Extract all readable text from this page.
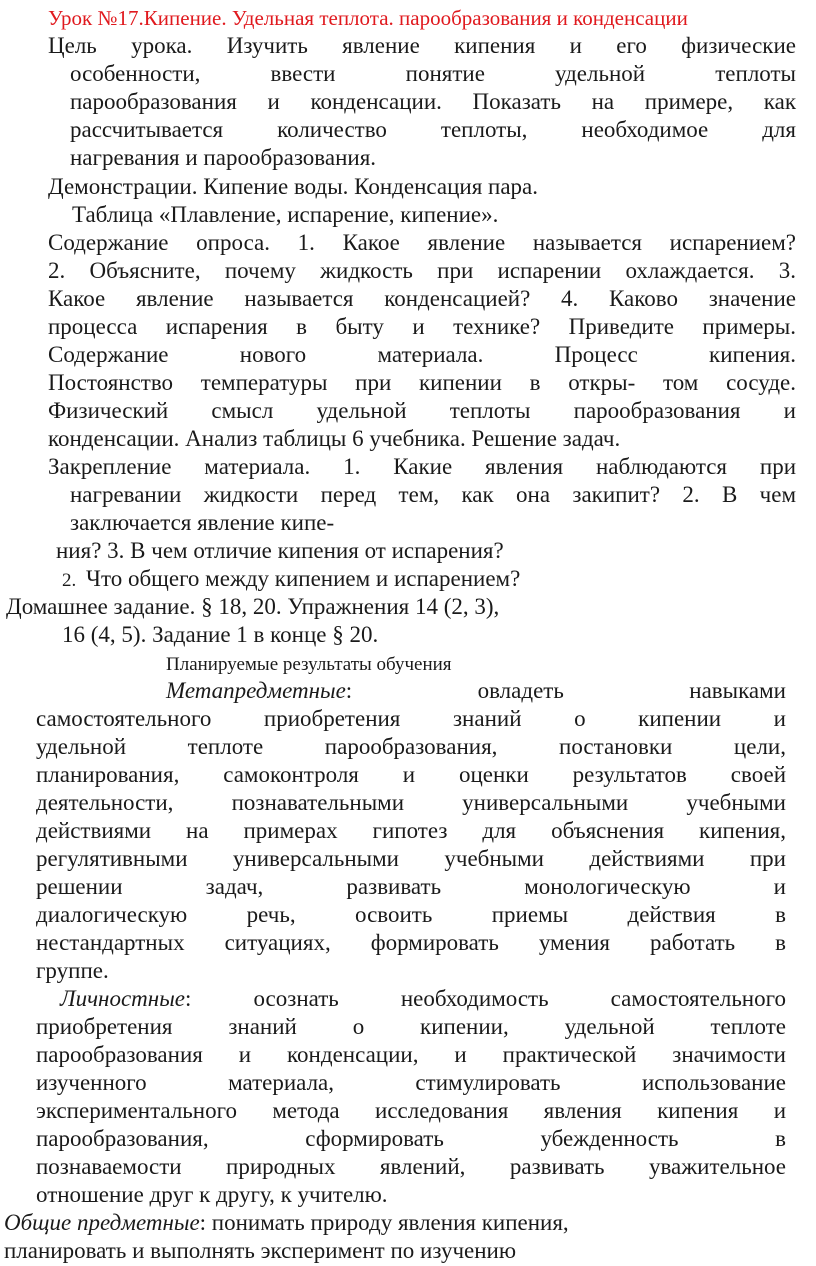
Урок №17.Кипение. Удельная теплота. парообразования и конденсации

Цель урока. Изучить явление кипения и его физические

особенности, ввести понятие удельной теплоты

парообразования и конденсации. Показать на примере, как

рассчитывается количество теплоты, необходимое для

нагревания и парообразования.

Демонстрации. Кипение воды. Конденсация пара.

Таблица «Плавление, испарение, кипение».

Содержание опроса. 1. Какое явление называется испарением?

2. Объясните, почему жидкость при испарении охлаждается. 3.

Какое явление называется конденсацией? 4. Каково значение

процесса испарения в быту и технике? Приведите примеры.

Содержание нового материала. Процесс кипения.

Постоянство температуры при кипении в откры- том сосуде.

Физический смысл удельной теплоты парообразования и

конденсации. Анализ таблицы 6 учебника. Решение задач.

Закрепление материала. 1. Какие явления наблюдаются при

нагревании жидкости перед тем, как она закипит? 2. В чем

заключается явление кипе-

ния? 3. В чем отличие кипения от испарения?

2. Что общего между кипением и испарением?

Домашнее задание. § 18, 20. Упражнения 14 (2, 3),

16 (4, 5). Задание 1 в конце § 20.

Планируемые результаты обучения

Метапредметные:	овладеть	навыками

самостоятельного приобретения знаний о кипении и

удельной теплоте парообразования, постановки цели,

планирования, самоконтроля и оценки результатов своей

деятельности, познавательными универсальными учебными

действиями на примерах гипотез для объяснения кипения,

регулятивными универсальными учебными действиями при

решении задач, развивать монологическую и

диалогическую речь, освоить приемы действия в

нестандартных ситуациях, формировать умения работать в

группе.

Личностные:	осознать	необходимость	самостоятельного

приобретения знаний о кипении, удельной теплоте

парообразования и конденсации, и практической значимости

изученного материала, стимулировать использование

экспериментального метода исследования явления кипения и

парообразования, сформировать убежденность в

познаваемости природных явлений, развивать уважительное

отношение друг к другу, к учителю.

Общие предметные: понимать природу явления кипения,

планировать и выполнять эксперимент по изучению
